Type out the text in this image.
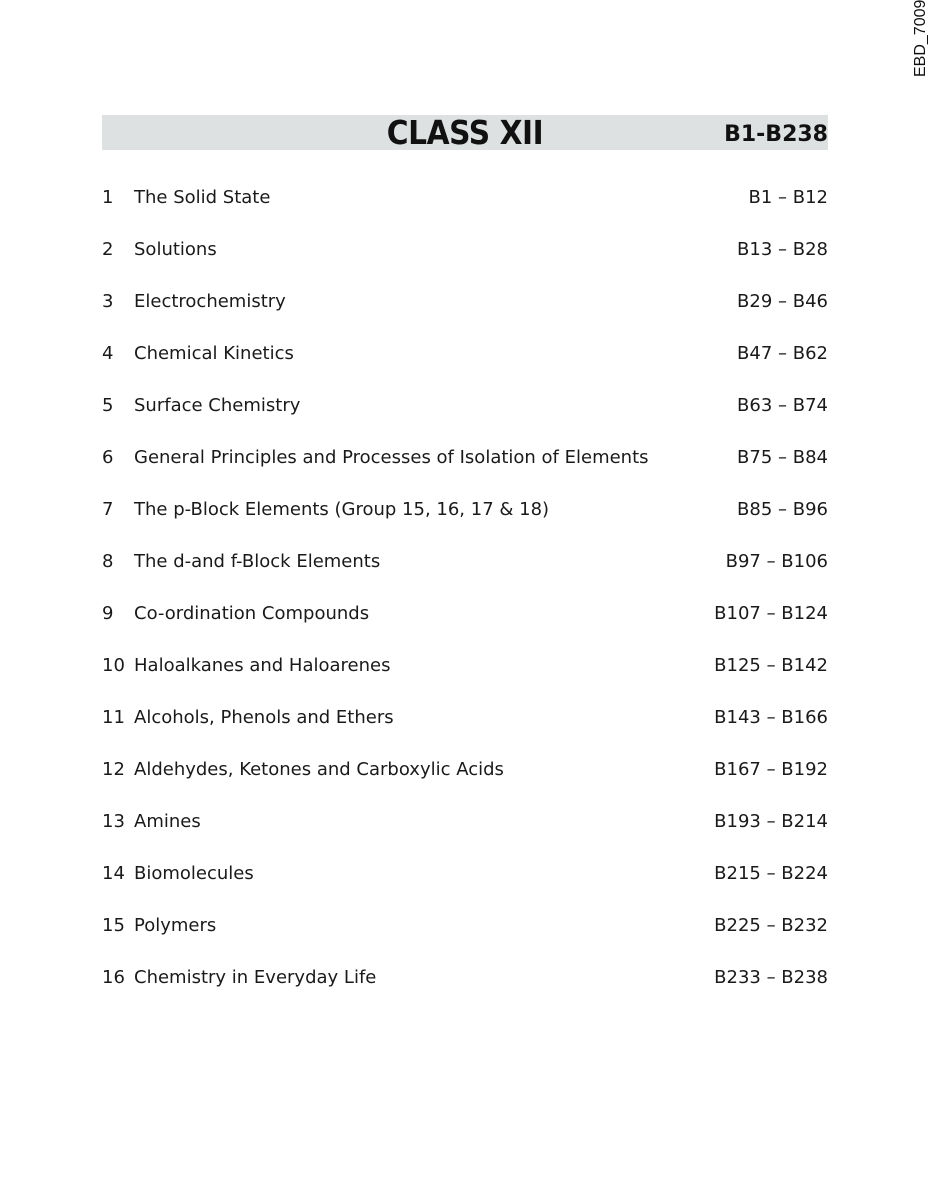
EBD_7009
CLASS XII	B1-B238
1	The Solid State	B1 – B12
2	Solutions	B13 – B28
3	Electrochemistry	B29 – B46
4	Chemical Kinetics	B47 – B62
5	Surface Chemistry	B63 – B74
6	General Principles and Processes of Isolation of Elements	B75 – B84
7	The p-Block Elements (Group 15, 16, 17 & 18)	B85 – B96
8	The d-and f-Block Elements	B97 – B106
9	Co-ordination Compounds	B107 – B124
10 Haloalkanes and Haloarenes	B125 – B142
11 Alcohols, Phenols and Ethers	B143 – B166
12 Aldehydes, Ketones and Carboxylic Acids	B167 – B192
13 Amines	B193 – B214
14 Biomolecules	B215 – B224
15 Polymers	B225 – B232
16 Chemistry in Everyday Life	B233 – B238
